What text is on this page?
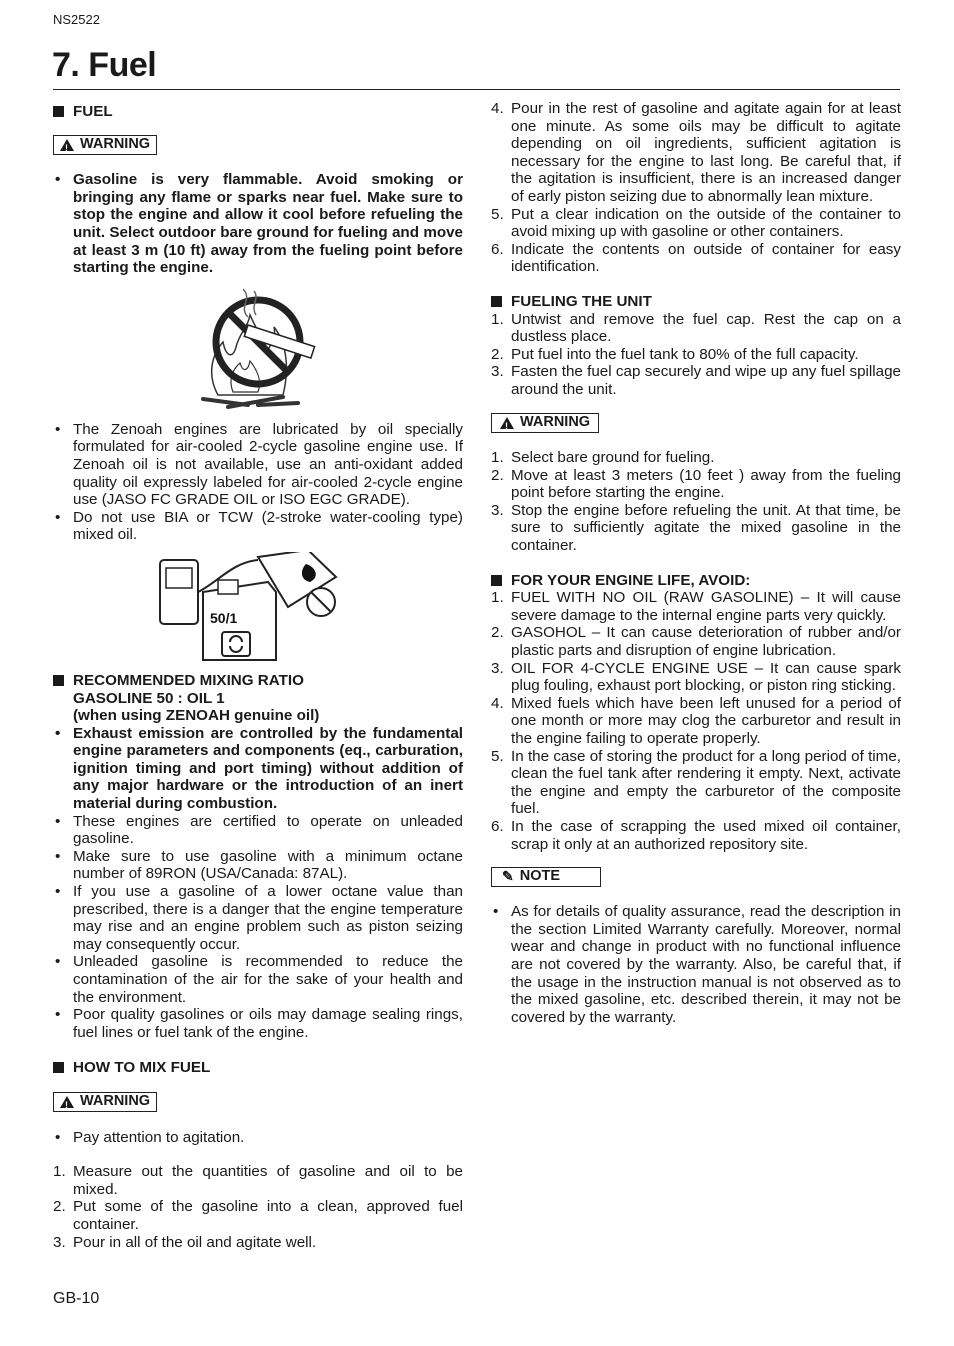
NS2522
7. Fuel
FUEL
!
WARNING
• Gasoline is very flammable. Avoid smoking or bringing any flame or sparks near fuel. Make sure to stop the engine and allow it cool before refueling the unit. Select outdoor bare ground for fueling and move at least 3 m (10 ft) away from the fueling point before starting the engine.
• The Zenoah engines are lubricated by oil specially formulated for air-cooled 2-cycle gasoline engine use. If Zenoah oil is not available, use an anti-oxidant added quality oil expressly labeled for air-cooled 2-cycle engine use (JASO FC GRADE OIL or ISO EGC GRADE).
• Do not use BIA or TCW (2-stroke water-cooling type) mixed oil.
50/1
RECOMMENDED MIXING RATIO
GASOLINE 50 : OIL 1
(when using ZENOAH genuine oil)
• Exhaust emission are controlled by the fundamental engine parameters and components (eq., carburation, ignition timing and port timing) without addition of any major hardware or the introduction of an inert material during combustion.
• These engines are certified to operate on unleaded gasoline.
• Make sure to use gasoline with a minimum octane number of 89RON (USA/Canada: 87AL).
• If you use a gasoline of a lower octane value than prescribed, there is a danger that the engine temperature may rise and an engine problem such as piston seizing may consequently occur.
• Unleaded gasoline is recommended to reduce the contamination of the air for the sake of your health and the environment.
• Poor quality gasolines or oils may damage sealing rings, fuel lines or fuel tank of the engine.
HOW TO MIX FUEL
!
WARNING
• Pay attention to agitation.
1. Measure out the quantities of gasoline and oil to be mixed.
2. Put some of the gasoline into a clean, approved fuel container.
3. Pour in all of the oil and agitate well.
4. Pour in the rest of gasoline and agitate again for at least one minute. As some oils may be difficult to agitate depending on oil ingredients, sufficient agitation is necessary for the engine to last long. Be careful that, if the agitation is insufficient, there is an increased danger of early piston seizing due to abnormally lean mixture.
5. Put a clear indication on the outside of the container to avoid mixing up with gasoline or other containers.
6. Indicate the contents on outside of container for easy identification.
FUELING THE UNIT
1. Untwist and remove the fuel cap. Rest the cap on a dustless place.
2. Put fuel into the fuel tank to 80% of the full capacity.
3. Fasten the fuel cap securely and wipe up any fuel spillage around the unit.
!
WARNING
1. Select bare ground for fueling.
2. Move at least 3 meters (10 feet ) away from the fueling point before starting the engine.
3. Stop the engine before refueling the unit. At that time, be sure to sufficiently agitate the mixed gasoline in the container.
FOR YOUR ENGINE LIFE, AVOID:
1. FUEL WITH NO OIL (RAW GASOLINE) – It will cause severe damage to the internal engine parts very quickly.
2. GASOHOL – It can cause deterioration of rubber and/or plastic parts and disruption of engine lubrication.
3. OIL FOR 4-CYCLE ENGINE USE – It can cause spark plug fouling, exhaust port blocking, or piston ring sticking.
4. Mixed fuels which have been left unused for a period of one month or more may clog the carburetor and result in the engine failing to operate properly.
5. In the case of storing the product for a long period of time, clean the fuel tank after rendering it empty. Next, activate the engine and empty the carburetor of the composite fuel.
6. In the case of scrapping the used mixed oil container, scrap it only at an authorized repository site.
✎ NOTE
• As for details of quality assurance, read the description in the section Limited Warranty carefully. Moreover, normal wear and change in product with no functional influence are not covered by the warranty. Also, be careful that, if the usage in the instruction manual is not observed as to the mixed gasoline, etc. described therein, it may not be covered by the warranty.
GB-10
